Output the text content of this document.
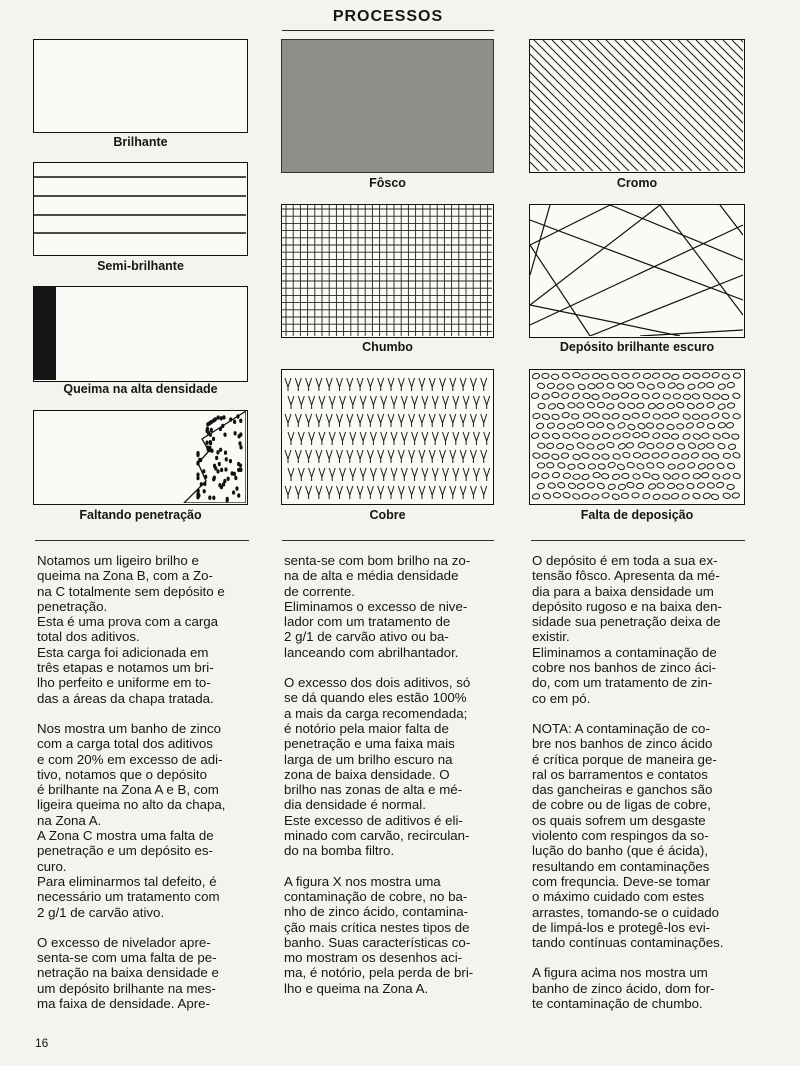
PROCESSOS
Brilhante
Semi-brilhante
Queima na alta densidade
Faltando penetração
Fôsco
Chumbo
Cobre
Cromo
Depósito brilhante escuro
Falta de deposição

Notamos um ligeiro brilho e
queima na Zona B, com a Zo-
na C totalmente sem depósito e
penetração.
Esta é uma prova com a carga
total dos aditivos.
Esta carga foi adicionada em
três etapas e notamos um bri-
lho perfeito e uniforme em to-
das a áreas da chapa tratada.

Nos mostra um banho de zinco
com a carga total dos aditivos
e com 20% em excesso de adi-
tivo, notamos que o depósito
é brilhante na Zona A e B, com
ligeira queima no alto da chapa,
na Zona A.
A Zona C mostra uma falta de
penetração e um depósito es-
curo.
Para eliminarmos tal defeito, é
necessário um tratamento com
2 g/1 de carvão ativo.

O excesso de nivelador apre-
senta-se com uma falta de pe-
netração na baixa densidade e
um depósito brilhante na mes-
ma faixa de densidade. Apre-

senta-se com bom brilho na zo-
na de alta e média densidade
de corrente.
Eliminamos o excesso de nive-
lador com um tratamento de
2 g/1 de carvão ativo ou ba-
lanceando com abrilhantador.

O excesso dos dois aditivos, só
se dá quando eles estão 100%
a mais da carga recomendada;
é notório pela maior falta de
penetração e uma faixa mais
larga de um brilho escuro na
zona de baixa densidade. O
brilho nas zonas de alta e mé-
dia densidade é normal.
Este excesso de aditivos é eli-
minado com carvão, recirculan-
do na bomba filtro.

A figura X nos mostra uma
contaminação de cobre, no ba-
nho de zinco ácido, contamina-
ção mais crítica nestes tipos de
banho. Suas características co-
mo mostram os desenhos aci-
ma, é notório, pela perda de bri-
lho e queima na Zona A.

O depósito é em toda a sua ex-
tensão fôsco. Apresenta da mé-
dia para a baixa densidade um
depósito rugoso e na baixa den-
sidade sua penetração deixa de
existir.
Eliminamos a contaminação de
cobre nos banhos de zinco áci-
do, com um tratamento de zin-
co em pó.

NOTA: A contaminação de co-
bre nos banhos de zinco ácido
é crítica porque de maneira ge-
ral os barramentos e contatos
das gancheiras e ganchos são
de cobre ou de ligas de cobre,
os quais sofrem um desgaste
violento com respingos da so-
lução do banho (que é ácida),
resultando em contaminações
com frequncia. Deve-se tomar
o máximo cuidado com estes
arrastes, tomando-se o cuidado
de limpá-los e protegê-los evi-
tando contínuas contaminações.

A figura acima nos mostra um
banho de zinco ácido, dom for-
te contaminação de chumbo.

16
